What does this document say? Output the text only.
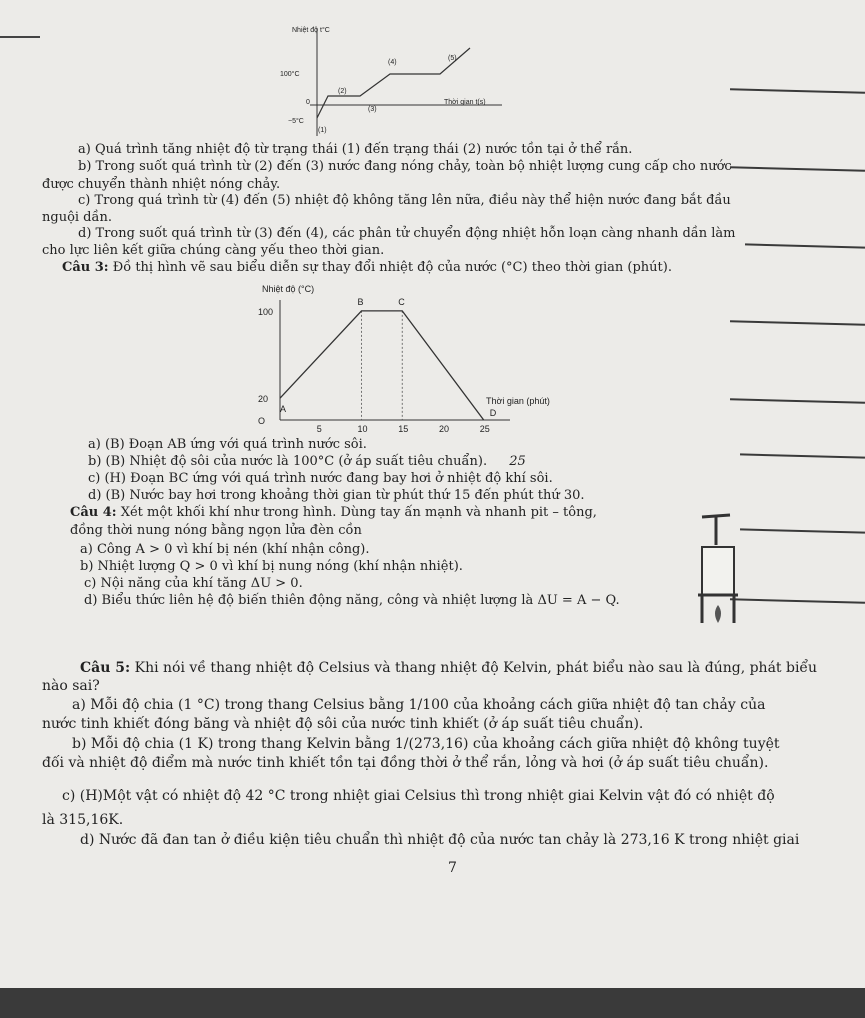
Nhiệt độ t°C
100°C
0
−5°C
Thời gian t(s)
(1)
(2)
(3)
(4)
(5)
a) Quá trình tăng nhiệt độ từ trạng thái (1) đến trạng thái (2) nước tồn tại ở thể rắn.
b) Trong suốt quá trình từ (2) đến (3) nước đang nóng chảy, toàn bộ nhiệt lượng cung cấp cho nước
được chuyển thành nhiệt nóng chảy.
c) Trong quá trình từ (4) đến (5) nhiệt độ không tăng lên nữa, điều này thể hiện nước đang bắt đầu
nguội dần.
d) Trong suốt quá trình từ (3) đến (4), các phân tử chuyển động nhiệt hỗn loạn càng nhanh dần làm
cho lực liên kết giữa chúng càng yếu theo thời gian.
Câu 3: Đồ thị hình vẽ sau biểu diễn sự thay đổi nhiệt độ của nước (°C) theo thời gian (phút).
Nhiệt độ (°C)
Thời gian (phút)
100
20
O
5	10	15	20	25
A
B	C
D
a) (B) Đoạn AB ứng với quá trình nước sôi.
b) (B) Nhiệt độ sôi của nước là 100°C (ở áp suất tiêu chuẩn). 25
c) (H) Đoạn BC ứng với quá trình nước đang bay hơi ở nhiệt độ khí sôi.
d) (B) Nước bay hơi trong khoảng thời gian từ phút thứ 15 đến phút thứ 30.
Câu 4: Xét một khối khí như trong hình. Dùng tay ấn mạnh và nhanh pit – tông,
đồng thời nung nóng bằng ngọn lửa đèn cồn
a) Công A > 0 vì khí bị nén (khí nhận công).
b) Nhiệt lượng Q > 0 vì khí bị nung nóng (khí nhận nhiệt).
c) Nội năng của khí tăng ΔU > 0.
d) Biểu thức liên hệ độ biến thiên động năng, công và nhiệt lượng là ΔU = A − Q.
Câu 5: Khi nói về thang nhiệt độ Celsius và thang nhiệt độ Kelvin, phát biểu nào sau là đúng, phát biểu
nào sai?
a) Mỗi độ chia (1 °C) trong thang Celsius bằng 1/100 của khoảng cách giữa nhiệt độ tan chảy của
nước tinh khiết đóng băng và nhiệt độ sôi của nước tinh khiết (ở áp suất tiêu chuẩn).
b) Mỗi độ chia (1 K) trong thang Kelvin bằng 1/(273,16) của khoảng cách giữa nhiệt độ không tuyệt
đối và nhiệt độ điểm mà nước tinh khiết tồn tại đồng thời ở thể rắn, lỏng và hơi (ở áp suất tiêu chuẩn).
c) (H)Một vật có nhiệt độ 42 °C trong nhiệt giai Celsius thì trong nhiệt giai Kelvin vật đó có nhiệt độ
là 315,16K.
d) Nước đã đan tan ở điều kiện tiêu chuẩn thì nhiệt độ của nước tan chảy là 273,16 K trong nhiệt giai
7
